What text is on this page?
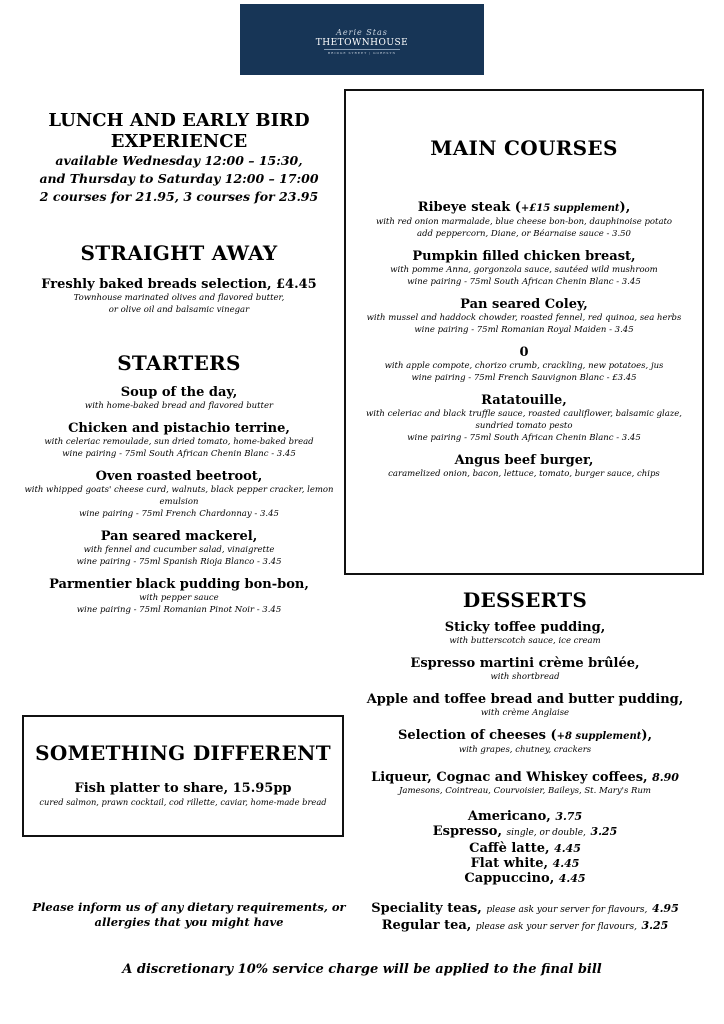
Aerie Stas
THETOWNHOUSE
BRIDGE STREET | GORESTN
LUNCH AND EARLY BIRD
EXPERIENCE
available Wednesday 12:00 – 15:30,
and Thursday to Saturday 12:00 – 17:00
2 courses for 21.95, 3 courses for 23.95
STRAIGHT AWAY
Freshly baked breads selection, £4.45
Townhouse marinated olives and flavored butter,
or olive oil and balsamic vinegar
STARTERS
Soup of the day,
with home-baked bread and flavored butter
Chicken and pistachio terrine,
with celeriac remoulade, sun dried tomato, home-baked bread
wine pairing - 75ml South African Chenin Blanc - 3.45
Oven roasted beetroot,
with whipped goats' cheese curd, walnuts, black pepper cracker, lemon
emulsion
wine pairing - 75ml French Chardonnay - 3.45
Pan seared mackerel,
with fennel and cucumber salad, vinaigrette
wine pairing - 75ml Spanish Rioja Blanco - 3.45
Parmentier black pudding bon-bon,
with pepper sauce
wine pairing - 75ml Romanian Pinot Noir - 3.45
SOMETHING DIFFERENT
Fish platter to share, 15.95pp
cured salmon, prawn cocktail, cod rillette, caviar, home-made bread
MAIN COURSES
Ribeye steak (+£15 supplement),
with red onion marmalade, blue cheese bon-bon, dauphinoise potato
add peppercorn, Diane, or Béarnaise sauce - 3.50
Pumpkin filled chicken breast,
with pomme Anna, gorgonzola sauce, sautéed wild mushroom
wine pairing - 75ml South African Chenin Blanc - 3.45
Pan seared Coley,
with mussel and haddock chowder, roasted fennel, red quinoa, sea herbs
wine pairing - 75ml Romanian Royal Maiden - 3.45
0
with apple compote, chorizo crumb, crackling, new potatoes, jus
wine pairing - 75ml French Sauvignon Blanc - £3.45
Ratatouille,
with celeriac and black truffle sauce, roasted cauliflower, balsamic glaze,
sundried tomato pesto
wine pairing - 75ml South African Chenin Blanc - 3.45
Angus beef burger,
caramelized onion, bacon, lettuce, tomato, burger sauce, chips
DESSERTS
Sticky toffee pudding,
with butterscotch sauce, ice cream
Espresso martini crème brûlée,
with shortbread
Apple and toffee bread and butter pudding,
with crème Anglaise
Selection of cheeses (+8 supplement),
with grapes, chutney, crackers
Liqueur, Cognac and Whiskey coffees, 8.90
Jamesons, Cointreau, Courvoisier, Baileys, St. Mary's Rum
Americano, 3.75
Espresso, single, or double, 3.25
Caffè latte, 4.45
Flat white, 4.45
Cappuccino, 4.45
Speciality teas, please ask your server for flavours, 4.95
Regular tea, please ask your server for flavours, 3.25
Please inform us of any dietary requirements, or
allergies that you might have
A discretionary 10% service charge will be applied to the final bill
